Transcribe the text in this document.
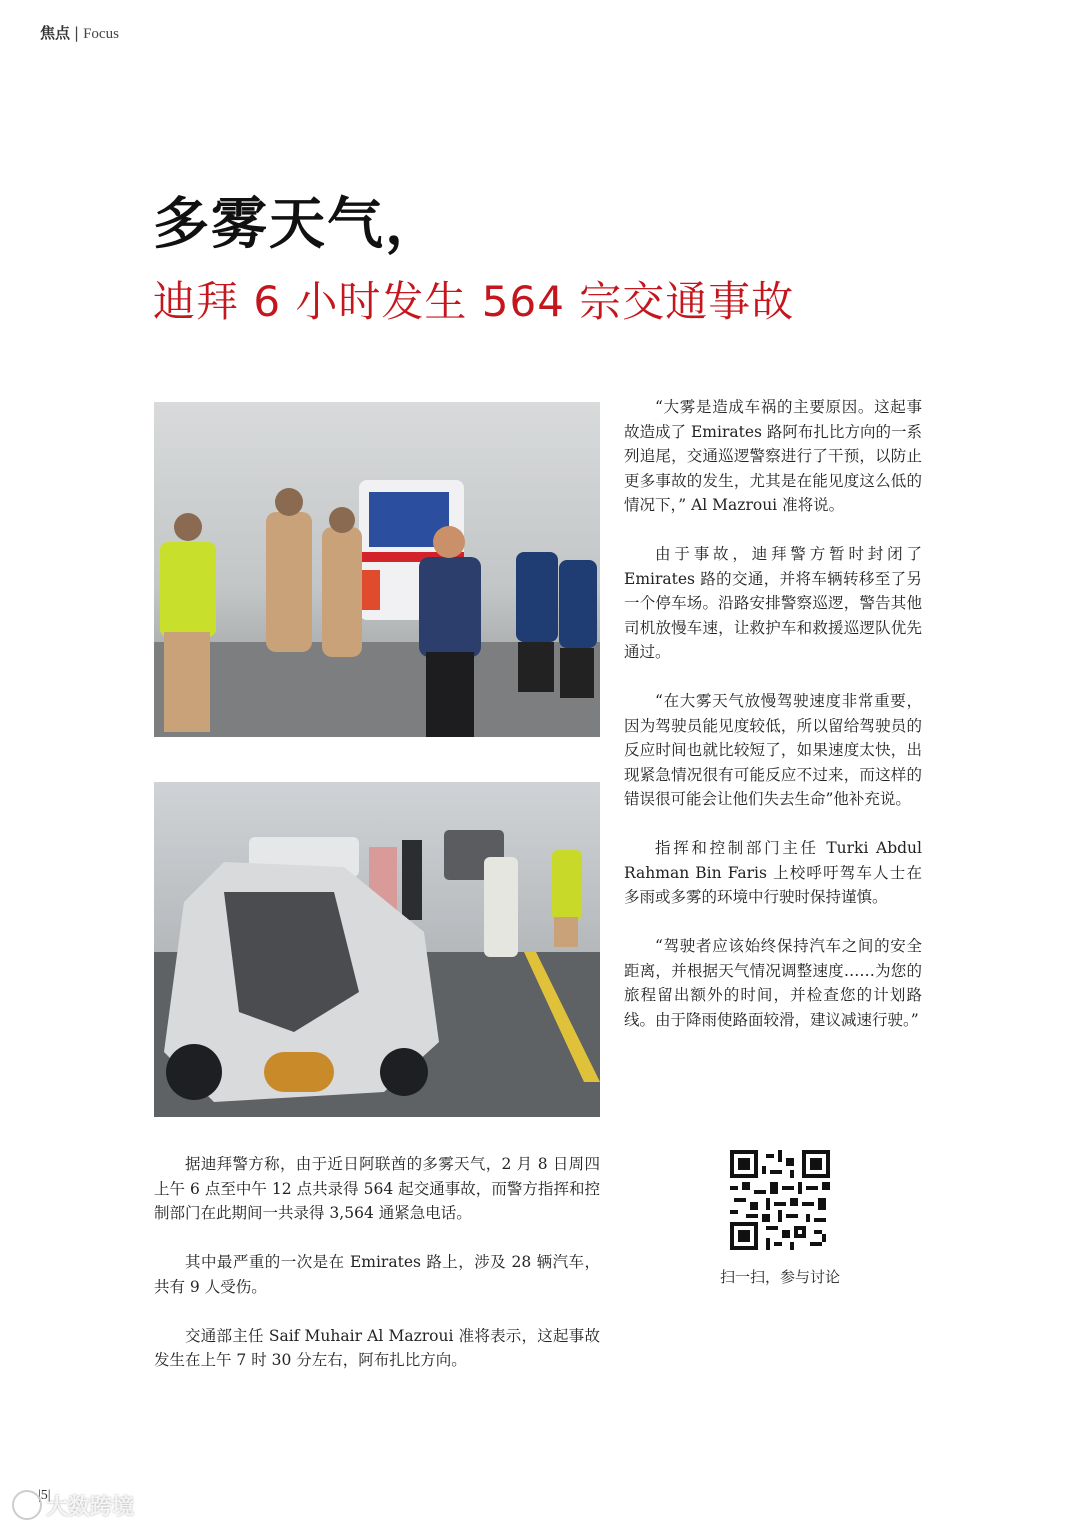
焦点 | Focus
多雾天气，
迪拜 6 小时发生 564 宗交通事故

“大雾是造成车祸的主要原因。这起事故造成了 Emirates 路阿布扎比方向的一系列追尾，交通巡逻警察进行了干预，以防止更多事故的发生，尤其是在能见度这么低的情况下，” Al Mazroui 准将说。

由于事故，迪拜警方暂时封闭了 Emirates 路的交通，并将车辆转移至了另一个停车场。沿路安排警察巡逻，警告其他司机放慢车速，让救护车和救援巡逻队优先通过。

“在大雾天气放慢驾驶速度非常重要，因为驾驶员能见度较低，所以留给驾驶员的反应时间也就比较短了，如果速度太快，出现紧急情况很有可能反应不过来，而这样的错误很可能会让他们失去生命”他补充说。

指挥和控制部门主任 Turki Abdul Rahman Bin Faris 上校呼吁驾车人士在多雨或多雾的环境中行驶时保持谨慎。

“驾驶者应该始终保持汽车之间的安全距离，并根据天气情况调整速度……为您的旅程留出额外的时间，并检查您的计划路线。由于降雨使路面较滑，建议减速行驶。”

据迪拜警方称，由于近日阿联酋的多雾天气，2 月 8 日周四上午 6 点至中午 12 点共录得 564 起交通事故，而警方指挥和控制部门在此期间一共录得 3,564 通紧急电话。

其中最严重的一次是在 Emirates 路上，涉及 28 辆汽车，共有 9 人受伤。

交通部主任 Saif Muhair Al Mazroui 准将表示，这起事故发生在上午 7 时 30 分左右，阿布扎比方向。

扫一扫，参与讨论
|5|
大数跨境
